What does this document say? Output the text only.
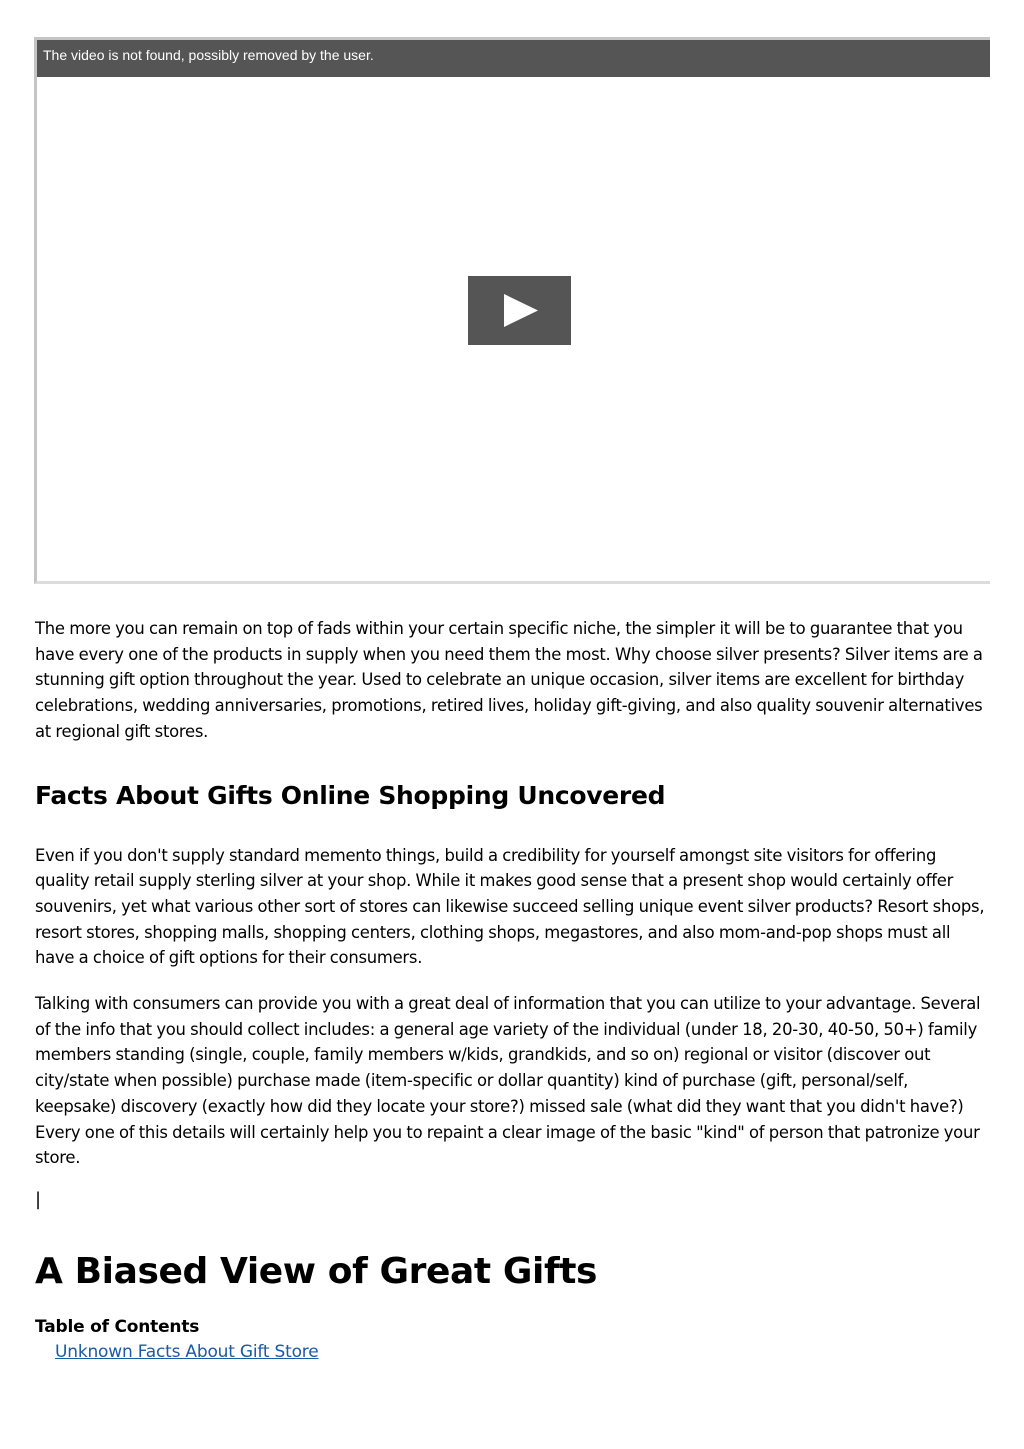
The video is not found, possibly removed by the user.

The more you can remain on top of fads within your certain specific niche, the simpler it will be to guarantee that you have every one of the products in supply when you need them the most. Why choose silver presents? Silver items are a stunning gift option throughout the year. Used to celebrate an unique occasion, silver items are excellent for birthday celebrations, wedding anniversaries, promotions, retired lives, holiday gift-giving, and also quality souvenir alternatives at regional gift stores.

Facts About Gifts Online Shopping Uncovered

Even if you don't supply standard memento things, build a credibility for yourself amongst site visitors for offering quality retail supply sterling silver at your shop. While it makes good sense that a present shop would certainly offer souvenirs, yet what various other sort of stores can likewise succeed selling unique event silver products? Resort shops, resort stores, shopping malls, shopping centers, clothing shops, megastores, and also mom-and-pop shops must all have a choice of gift options for their consumers.

Talking with consumers can provide you with a great deal of information that you can utilize to your advantage. Several of the info that you should collect includes: a general age variety of the individual (under 18, 20-30, 40-50, 50+) family members standing (single, couple, family members w/kids, grandkids, and so on) regional or visitor (discover out city/state when possible) purchase made (item-specific or dollar quantity) kind of purchase (gift, personal/self, keepsake) discovery (exactly how did they locate your store?) missed sale (what did they want that you didn't have?) Every one of this details will certainly help you to repaint a clear image of the basic "kind" of person that patronize your store.

|
A Biased View of Great Gifts
Table of Contents
Unknown Facts About Gift Store
